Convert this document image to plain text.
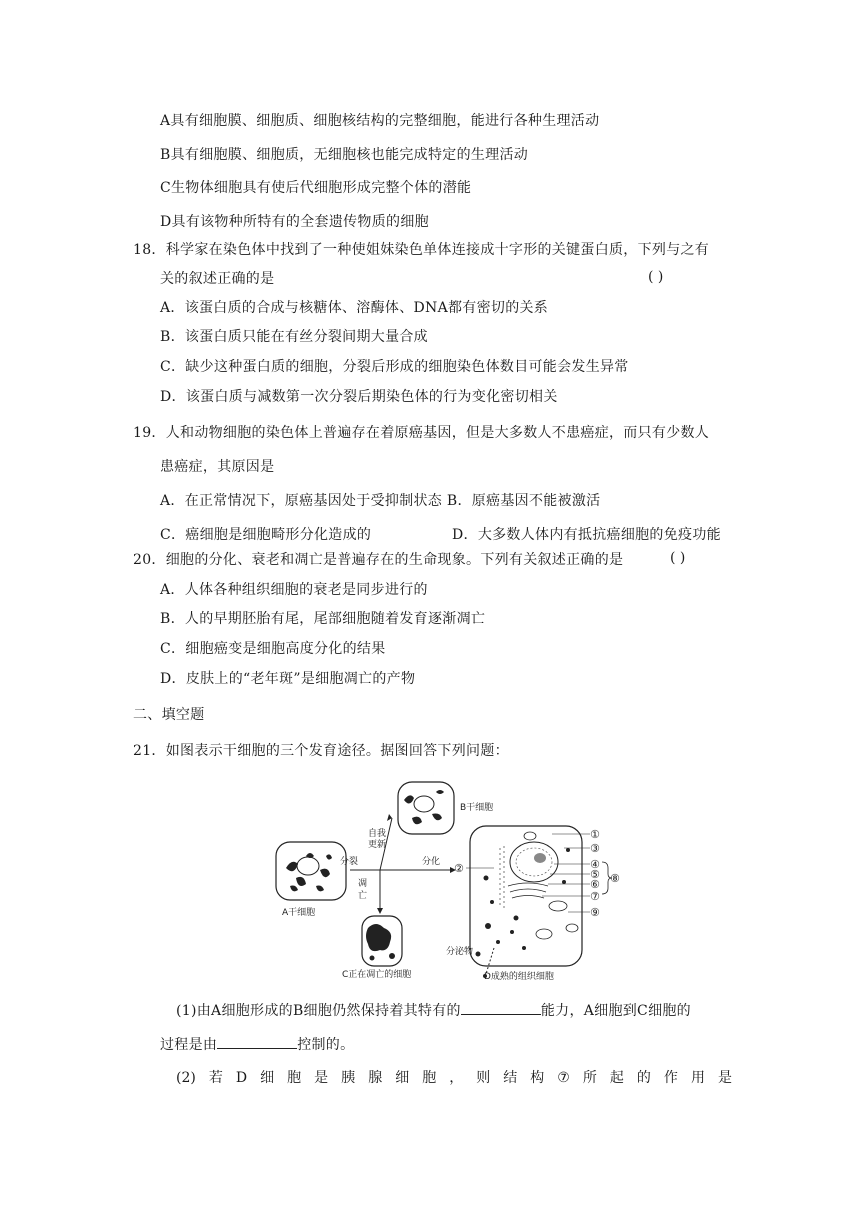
A具有细胞膜、细胞质、细胞核结构的完整细胞，能进行各种生理活动
B具有细胞膜、细胞质，无细胞核也能完成特定的生理活动
C生物体细胞具有使后代细胞形成完整个体的潜能
D具有该物种所特有的全套遗传物质的细胞
18．科学家在染色体中找到了一种使姐妹染色单体连接成十字形的关键蛋白质，下列与之有
关的叙述正确的是	( )
A．该蛋白质的合成与核糖体、溶酶体、DNA都有密切的关系
B．该蛋白质只能在有丝分裂间期大量合成
C．缺少这种蛋白质的细胞，分裂后形成的细胞染色体数目可能会发生异常
D．该蛋白质与减数第一次分裂后期染色体的行为变化密切相关
19．人和动物细胞的染色体上普遍存在着原癌基因，但是大多数人不患癌症，而只有少数人
患癌症，其原因是
A．在正常情况下，原癌基因处于受抑制状态 B．原癌基因不能被激活
C．癌细胞是细胞畸形分化造成的	D．大多数人体内有抵抗癌细胞的免疫功能
20．细胞的分化、衰老和凋亡是普遍存在的生命现象。下列有关叙述正确的是	( )
A．人体各种组织细胞的衰老是同步进行的
B．人的早期胚胎有尾，尾部细胞随着发育逐渐凋亡
C．细胞癌变是细胞高度分化的结果
D．皮肤上的“老年斑”是细胞凋亡的产物
二、填空题
21．如图表示干细胞的三个发育途径。据图回答下列问题：
A干细胞
B干细胞
C正在凋亡的细胞
自我
更新
分裂
凋
亡
分化
分泌物
D成熟的组织细胞
①
②
③
④
⑤
⑥
⑦
⑧
⑨
(1)由A细胞形成的B细胞仍然保持着其特有的	能力，A细胞到C细胞的
过程是由	控制的。
(2) 若 D 细 胞 是 胰 腺 细 胞 ， 则 结 构 ⑦ 所 起 的 作 用 是
